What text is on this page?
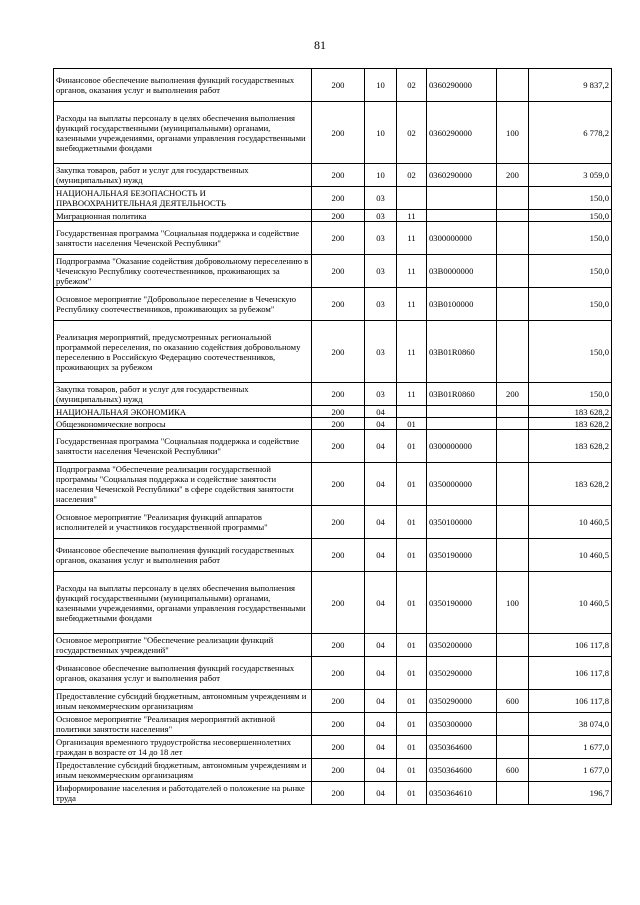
81
Финансовое обеспечение выполнения функций государственных органов, оказания услуг и выполнения работ	200	10	02	0360290000		9 837,2
Расходы на выплаты персоналу в целях обеспечения выполнения функций государственными (муниципальными) органами, казенными учреждениями, органами управления государственными внебюджетными фондами	200	10	02	0360290000	100	6 778,2
Закупка товаров, работ и услуг для государственных (муниципальных) нужд	200	10	02	0360290000	200	3 059,0
НАЦИОНАЛЬНАЯ БЕЗОПАСНОСТЬ И ПРАВООХРАНИТЕЛЬНАЯ ДЕЯТЕЛЬНОСТЬ	200	03				150,0
Миграционная политика	200	03	11			150,0
Государственная программа "Социальная поддержка и содействие занятости населения Чеченской Республики"	200	03	11	0300000000		150,0
Подпрограмма "Оказание содействия добровольному переселению в Чеченскую Республику соотечественников, проживающих за рубежом"	200	03	11	03В0000000		150,0
Основное мероприятие "Добровольное переселение в Чеченскую Республику соотечественников, проживающих за рубежом"	200	03	11	03В0100000		150,0
Реализация мероприятий, предусмотренных региональной программой переселения, по оказанию содействия добровольному переселению в Российскую Федерацию соотечественников, проживающих за рубежом	200	03	11	03В01R0860		150,0
Закупка товаров, работ и услуг для государственных (муниципальных) нужд	200	03	11	03В01R0860	200	150,0
НАЦИОНАЛЬНАЯ ЭКОНОМИКА	200	04				183 628,2
Общеэкономические вопросы	200	04	01			183 628,2
Государственная программа "Социальная поддержка и содействие занятости населения Чеченской Республики"	200	04	01	0300000000		183 628,2
Подпрограмма "Обеспечение реализации государственной программы "Социальная поддержка и содействие занятости населения Чеченской Республики" в сфере содействия занятости населения"	200	04	01	0350000000		183 628,2
Основное мероприятие "Реализация функций аппаратов исполнителей и участников государственной программы"	200	04	01	0350100000		10 460,5
Финансовое обеспечение выполнения функций государственных органов, оказания услуг и выполнения работ	200	04	01	0350190000		10 460,5
Расходы на выплаты персоналу в целях обеспечения выполнения функций государственными (муниципальными) органами, казенными учреждениями, органами управления государственными внебюджетными фондами	200	04	01	0350190000	100	10 460,5
Основное мероприятие "Обеспечение реализации функций государственных учреждений"	200	04	01	0350200000		106 117,8
Финансовое обеспечение выполнения функций государственных органов, оказания услуг и выполнения работ	200	04	01	0350290000		106 117,8
Предоставление субсидий бюджетным, автономным учреждениям и иным некоммерческим организациям	200	04	01	0350290000	600	106 117,8
Основное мероприятие "Реализация мероприятий активной политики занятости населения"	200	04	01	0350300000		38 074,0
Организация временного трудоустройства несовершеннолетних граждан в возрасте от 14 до 18 лет	200	04	01	0350364600		1 677,0
Предоставление субсидий бюджетным, автономным учреждениям и иным некоммерческим организациям	200	04	01	0350364600	600	1 677,0
Информирование населения и работодателей о положение на рынке труда	200	04	01	0350364610		196,7
